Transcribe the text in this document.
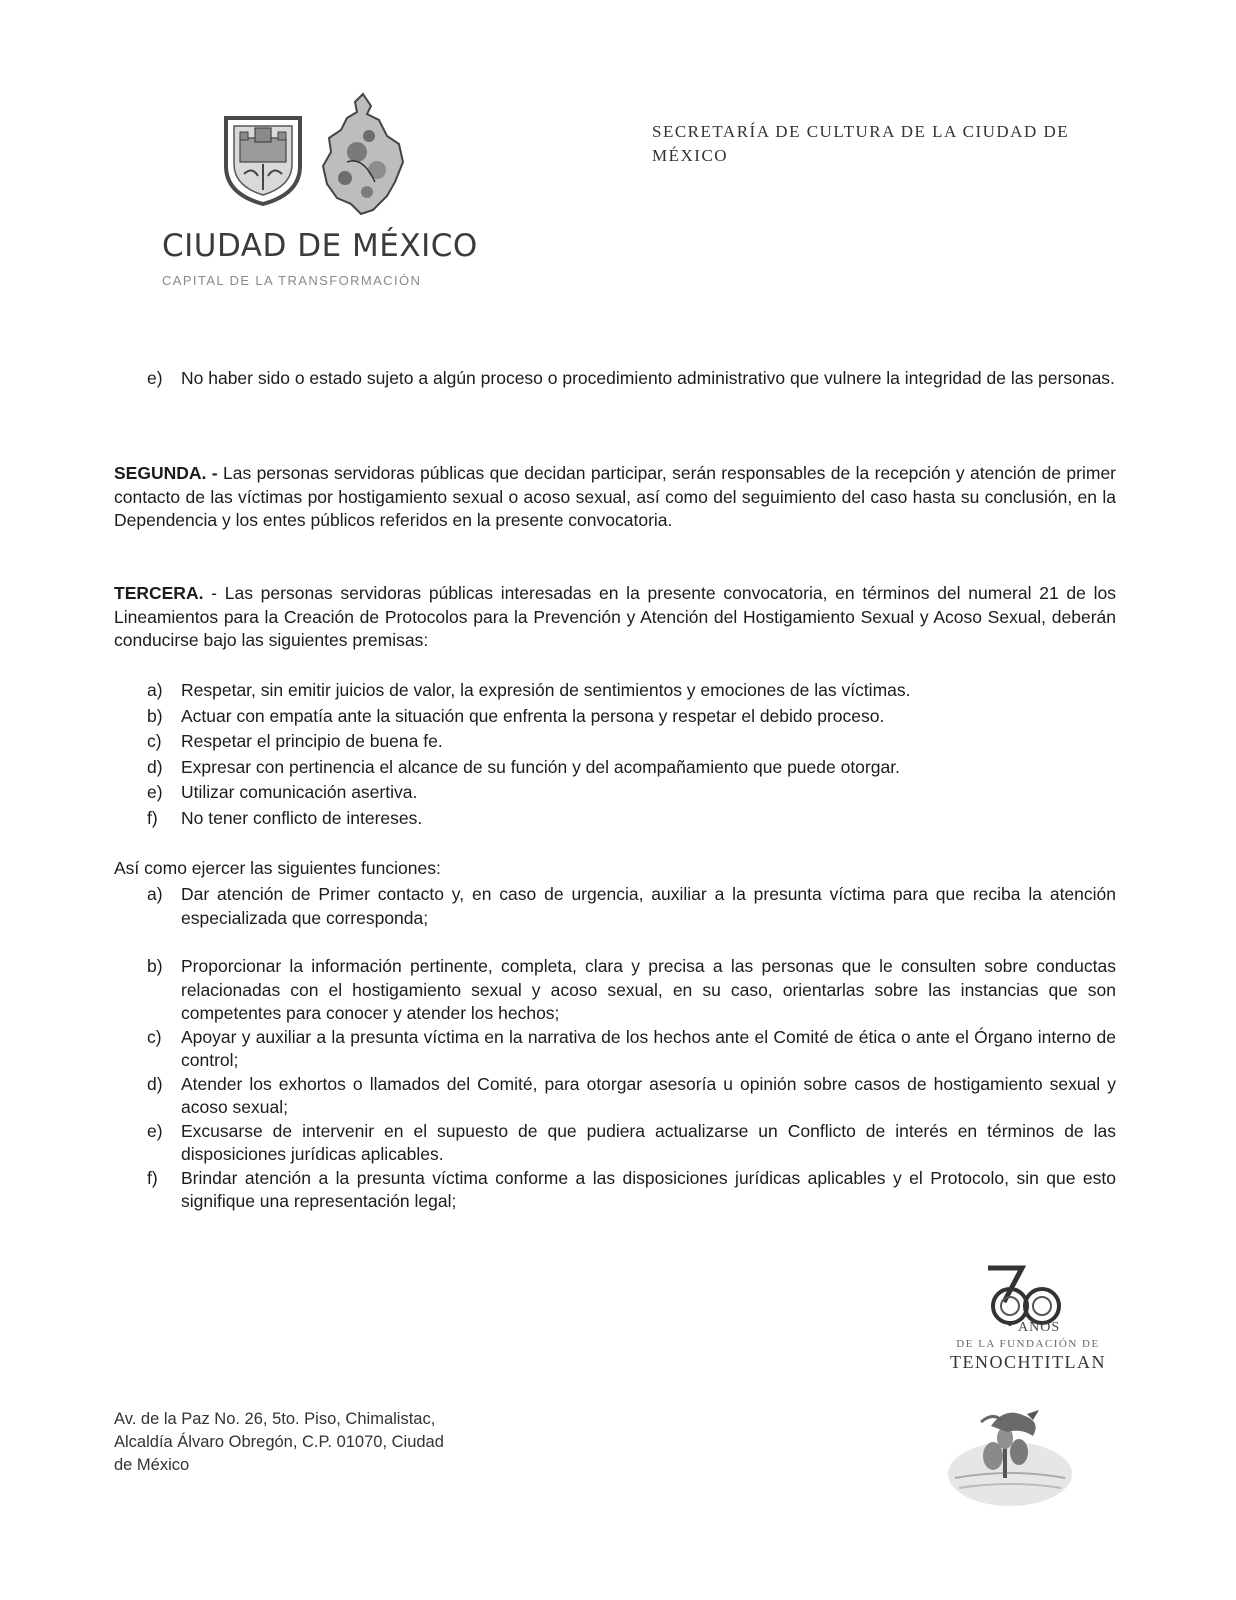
CIUDAD DE MÉXICO
CAPITAL DE LA TRANSFORMACIÓN
SECRETARÍA DE CULTURA DE LA CIUDAD DE
MÉXICO
e) No haber sido o estado sujeto a algún proceso o procedimiento administrativo que vulnere la integridad de las personas.
SEGUNDA. - Las personas servidoras públicas que decidan participar, serán responsables de la recepción y atención de primer contacto de las víctimas por hostigamiento sexual o acoso sexual, así como del seguimiento del caso hasta su conclusión, en la Dependencia y los entes públicos referidos en la presente convocatoria.
TERCERA. - Las personas servidoras públicas interesadas en la presente convocatoria, en términos del numeral 21 de los Lineamientos para la Creación de Protocolos para la Prevención y Atención del Hostigamiento Sexual y Acoso Sexual, deberán conducirse bajo las siguientes premisas:
a) Respetar, sin emitir juicios de valor, la expresión de sentimientos y emociones de las víctimas.
b) Actuar con empatía ante la situación que enfrenta la persona y respetar el debido proceso.
c) Respetar el principio de buena fe.
d) Expresar con pertinencia el alcance de su función y del acompañamiento que puede otorgar.
e) Utilizar comunicación asertiva.
f) No tener conflicto de intereses.
Así como ejercer las siguientes funciones:
a) Dar atención de Primer contacto y, en caso de urgencia, auxiliar a la presunta víctima para que reciba la atención especializada que corresponda;
b) Proporcionar la información pertinente, completa, clara y precisa a las personas que le consulten sobre conductas relacionadas con el hostigamiento sexual y acoso sexual, en su caso, orientarlas sobre las instancias que son competentes para conocer y atender los hechos;
c) Apoyar y auxiliar a la presunta víctima en la narrativa de los hechos ante el Comité de ética o ante el Órgano interno de control;
d) Atender los exhortos o llamados del Comité, para otorgar asesoría u opinión sobre casos de hostigamiento sexual y acoso sexual;
e) Excusarse de intervenir en el supuesto de que pudiera actualizarse un Conflicto de interés en términos de las disposiciones jurídicas aplicables.
f) Brindar atención a la presunta víctima conforme a las disposiciones jurídicas aplicables y el Protocolo, sin que esto signifique una representación legal;
Av. de la Paz No. 26, 5to. Piso, Chimalistac,
Alcaldía Álvaro Obregón, C.P. 01070, Ciudad
de México
AÑOS
DE LA FUNDACIÓN DE
TENOCHTITLAN
